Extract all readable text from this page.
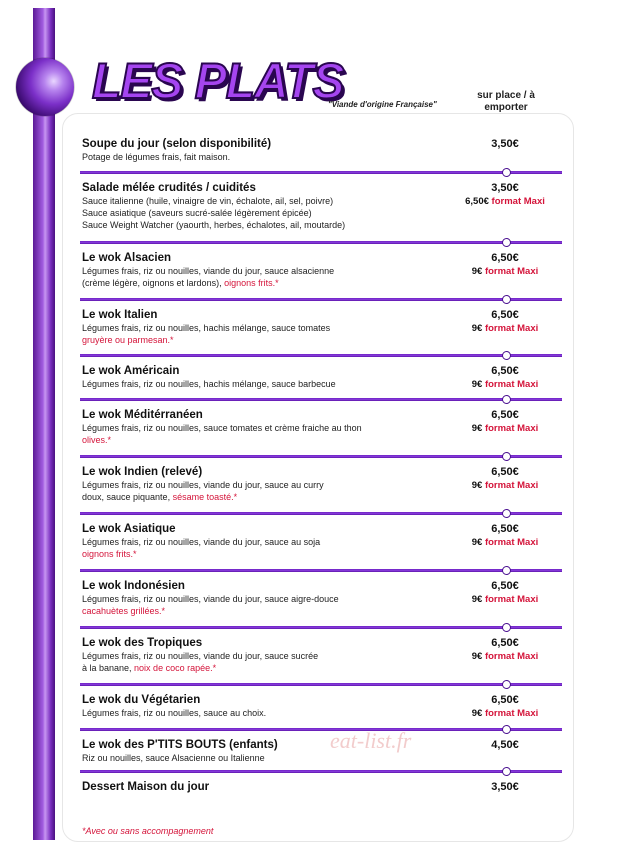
LES PLATS
"Viande d'origine Française"
sur place / à emporter
Soupe du jour (selon disponibilité)
Potage de légumes frais, fait maison.
3,50€
Salade mélée crudités / cuidités
Sauce italienne (huile, vinaigre de vin, échalote, ail, sel, poivre)
Sauce asiatique (saveurs sucré-salée légèrement épicée)
Sauce Weight Watcher (yaourth, herbes, échalotes, ail, moutarde)
3,50€
6,50€ format Maxi
Le wok Alsacien
Légumes frais, riz ou nouilles, viande du jour, sauce alsacienne
(crème légère, oignons et lardons), oignons frits.*
6,50€
9€ format Maxi
Le wok Italien
Légumes frais, riz ou nouilles, hachis mélange, sauce tomates
gruyère ou parmesan.*
6,50€
9€ format Maxi
Le wok Américain
Légumes frais, riz ou nouilles, hachis mélange, sauce barbecue
6,50€
9€ format Maxi
Le wok Méditérranéen
Légumes frais, riz ou nouilles, sauce tomates et crème fraiche au thon
olives.*
6,50€
9€ format Maxi
Le wok Indien (relevé)
Légumes frais, riz ou nouilles, viande du jour, sauce au curry
doux, sauce piquante, sésame toasté.*
6,50€
9€ format Maxi
Le wok Asiatique
Légumes frais, riz ou nouilles, viande du jour, sauce au soja
oignons frits.*
6,50€
9€ format Maxi
Le wok Indonésien
Légumes frais, riz ou nouilles, viande du jour, sauce aigre-douce
cacahuètes grillées.*
6,50€
9€ format Maxi
Le wok des Tropiques
Légumes frais, riz ou nouilles, viande du jour, sauce sucrée
à la banane, noix de coco rapée.*
6,50€
9€ format Maxi
Le wok du Végétarien
Légumes frais, riz ou nouilles, sauce au choix.
6,50€
9€ format Maxi
Le wok des P'TITS BOUTS (enfants)
Riz ou nouilles, sauce Alsacienne ou Italienne
4,50€
Dessert Maison du jour	3,50€
eat-list.fr
*Avec ou sans accompagnement
